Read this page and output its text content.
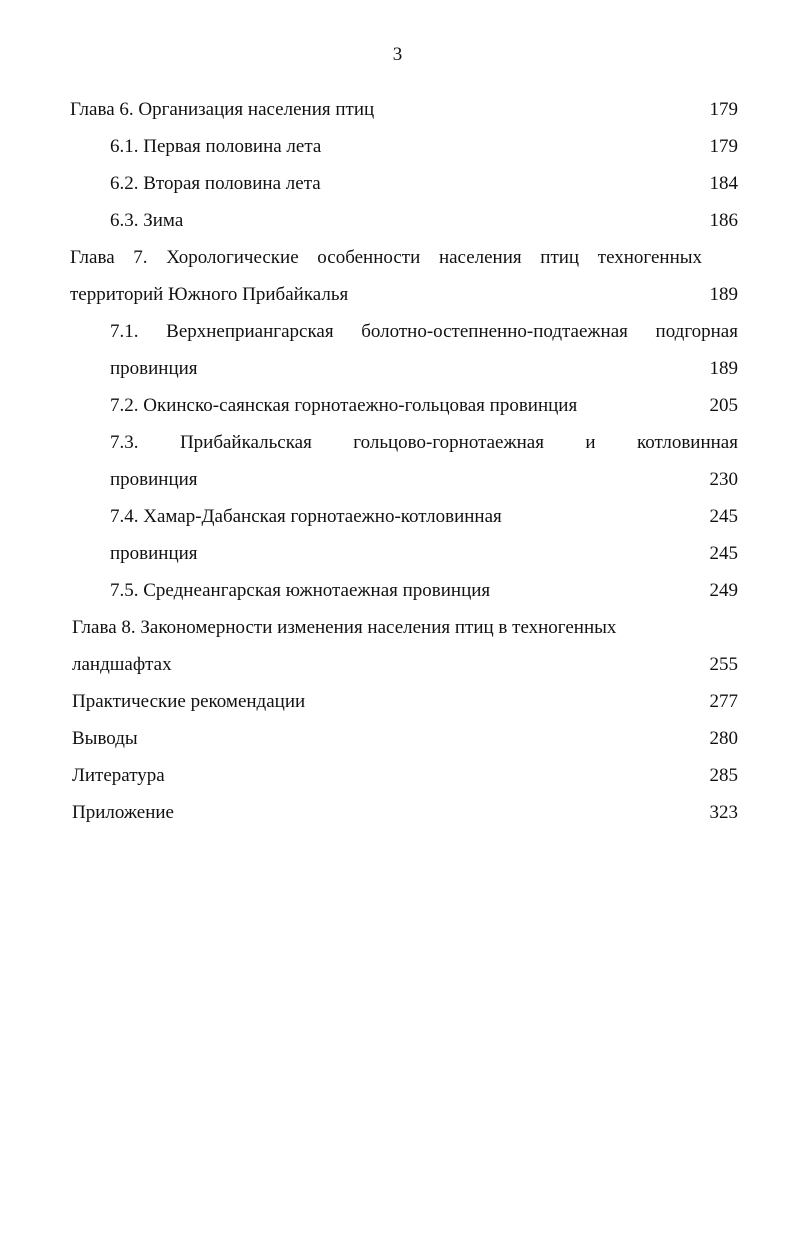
3
Глава 6. Организация населения птиц	179
6.1. Первая половина лета	179
6.2. Вторая половина лета	184
6.3. Зима	186
Глава 7. Хорологические особенности населения птиц техногенных
территорий Южного Прибайкалья	189
7.1. Верхнеприангарская болотно-остепненно-подтаежная подгорная
провинция	189
7.2. Окинско-саянская горнотаежно-гольцовая провинция	205
7.3. Прибайкальская гольцово-горнотаежная и котловинная
провинция	230
7.4. Хамар-Дабанская горнотаежно-котловинная	245
провинция	245
7.5. Среднеангарская южнотаежная провинция	249
Глава 8. Закономерности изменения населения птиц в техногенных
ландшафтах	255
Практические рекомендации	277
Выводы	280
Литература	285
Приложение	323
